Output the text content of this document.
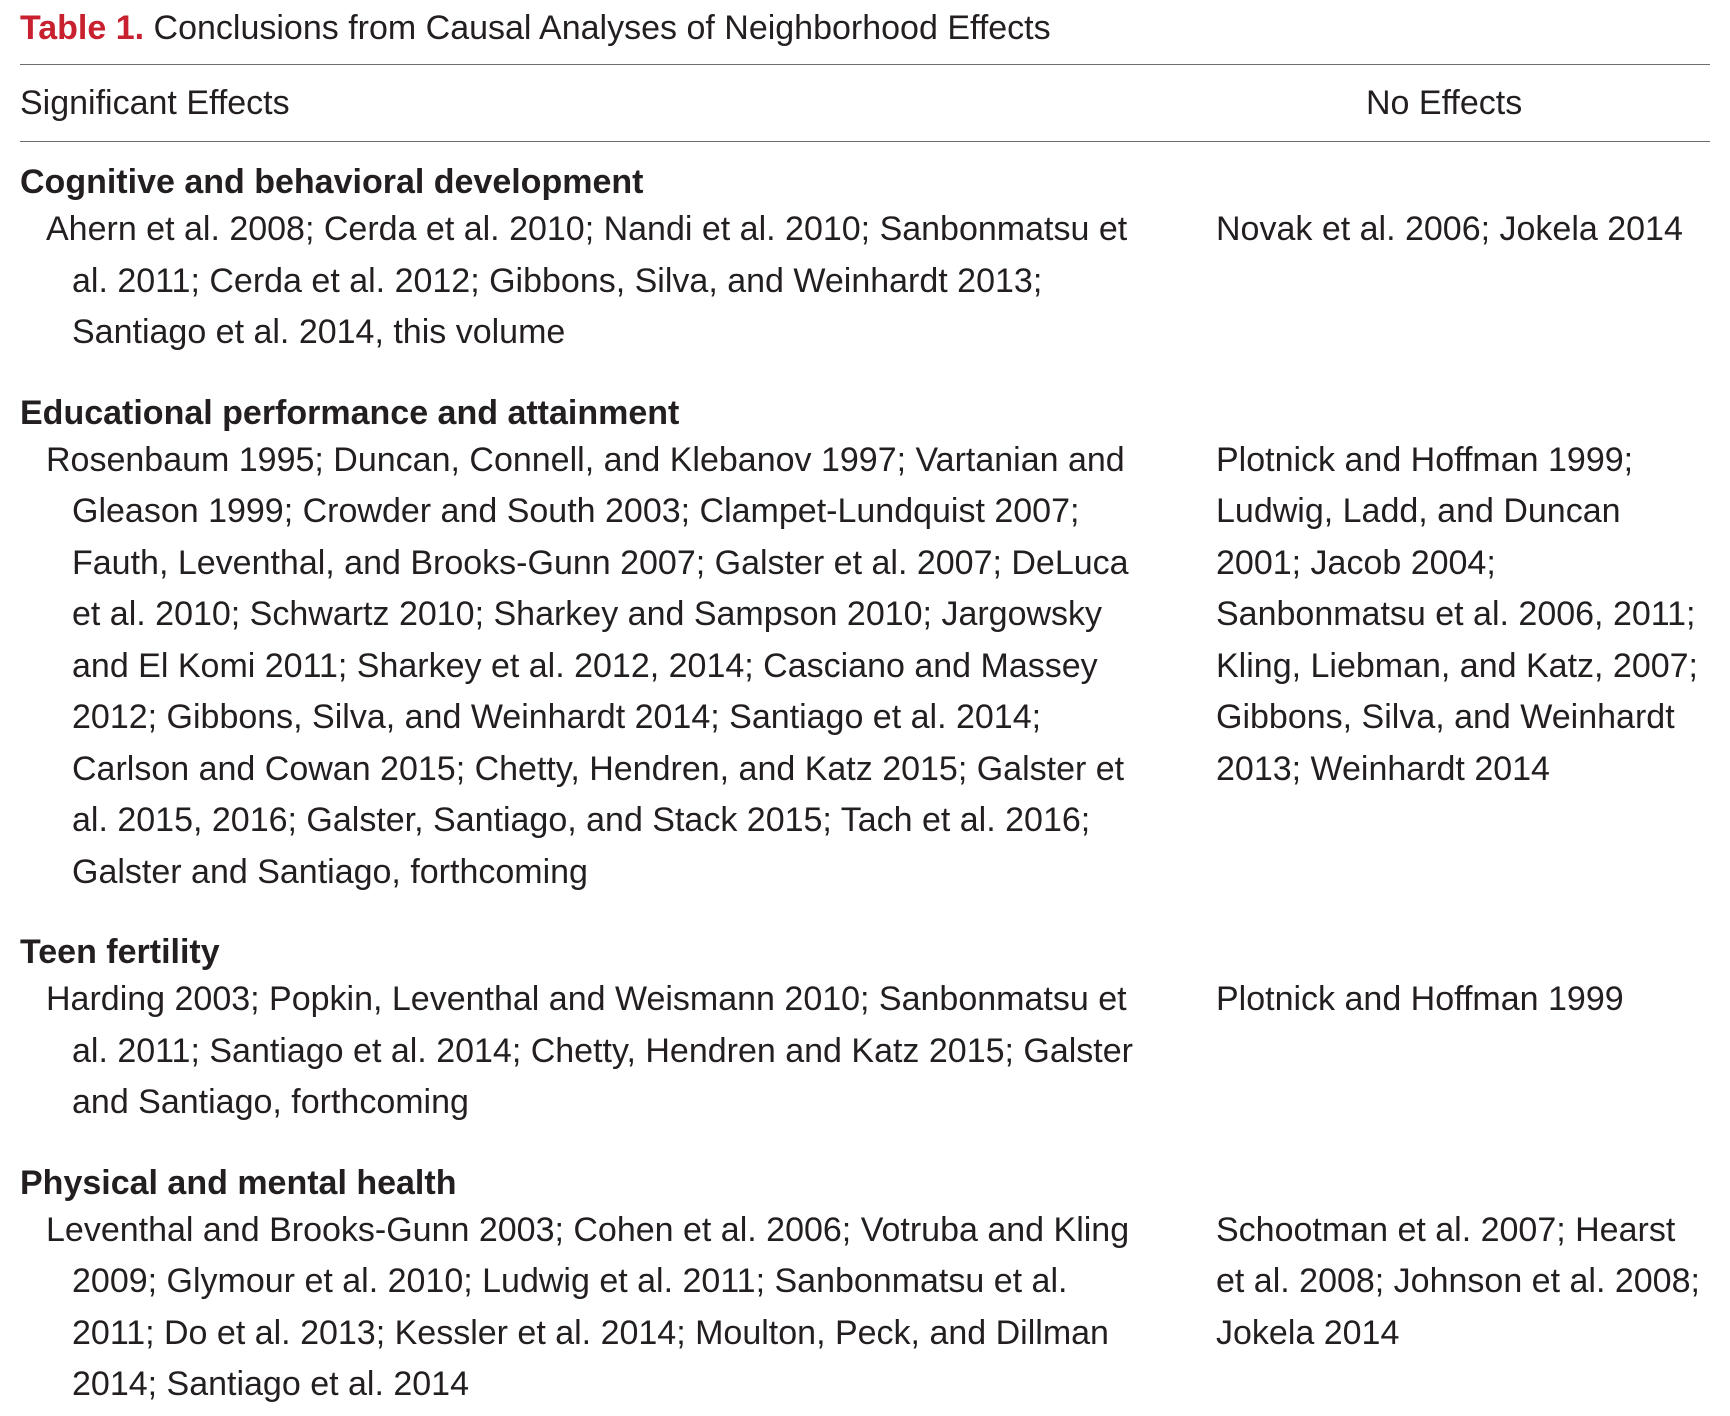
Table 1. Conclusions from Causal Analyses of Neighborhood Effects
Significant Effects	No Effects
Cognitive and behavioral development
Ahern et al. 2008; Cerda et al. 2010; Nandi et al. 2010; Sanbonmatsu et al. 2011; Cerda et al. 2012; Gibbons, Silva, and Weinhardt 2013; Santiago et al. 2014, this volume
Novak et al. 2006; Jokela 2014
Educational performance and attainment
Rosenbaum 1995; Duncan, Connell, and Klebanov 1997; Vartanian and Gleason 1999; Crowder and South 2003; Clampet-Lundquist 2007; Fauth, Leventhal, and Brooks-Gunn 2007; Galster et al. 2007; DeLuca et al. 2010; Schwartz 2010; Sharkey and Sampson 2010; Jargowsky and El Komi 2011; Sharkey et al. 2012, 2014; Casciano and Massey 2012; Gibbons, Silva, and Weinhardt 2014; Santiago et al. 2014; Carlson and Cowan 2015; Chetty, Hendren, and Katz 2015; Galster et al. 2015, 2016; Galster, Santiago, and Stack 2015; Tach et al. 2016; Galster and Santiago, forthcoming
Plotnick and Hoffman 1999; Ludwig, Ladd, and Duncan 2001; Jacob 2004; Sanbonmatsu et al. 2006, 2011; Kling, Liebman, and Katz, 2007; Gibbons, Silva, and Weinhardt 2013; Weinhardt 2014
Teen fertility
Harding 2003; Popkin, Leventhal and Weismann 2010; Sanbonmatsu et al. 2011; Santiago et al. 2014; Chetty, Hendren and Katz 2015; Galster and Santiago, forthcoming
Plotnick and Hoffman 1999
Physical and mental health
Leventhal and Brooks-Gunn 2003; Cohen et al. 2006; Votruba and Kling 2009; Glymour et al. 2010; Ludwig et al. 2011; Sanbonmatsu et al. 2011; Do et al. 2013; Kessler et al. 2014; Moulton, Peck, and Dillman 2014; Santiago et al. 2014
Schootman et al. 2007; Hearst et al. 2008; Johnson et al. 2008; Jokela 2014
